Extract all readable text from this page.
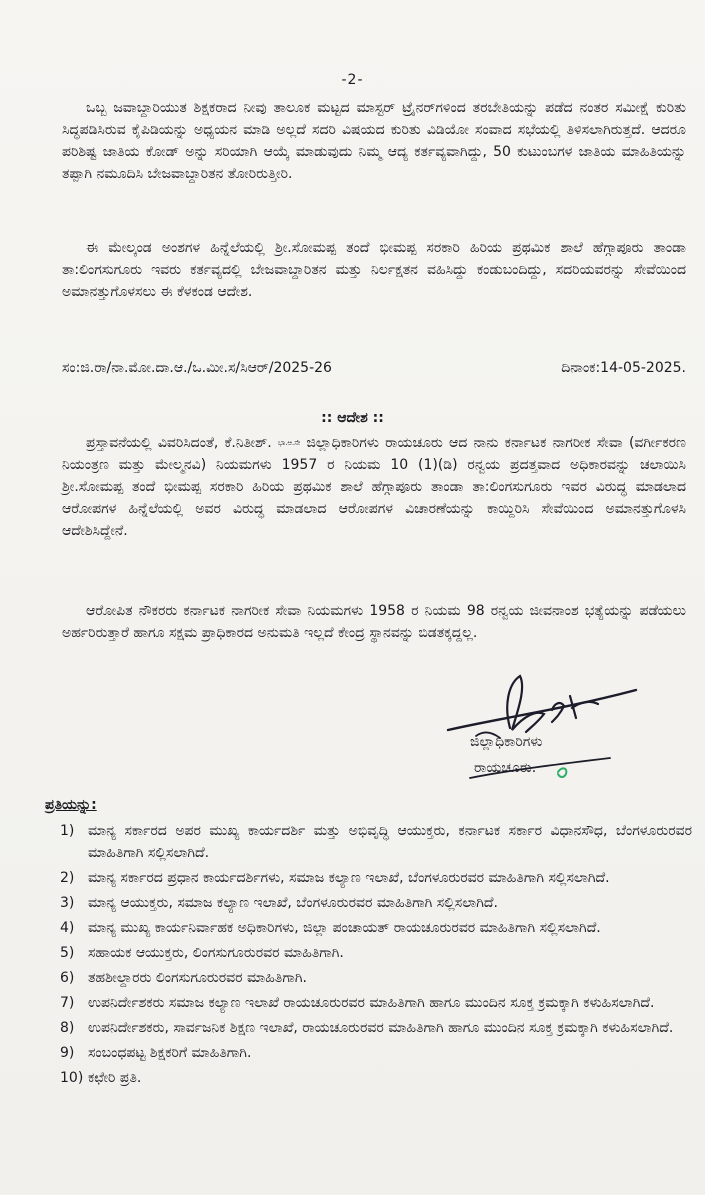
-2-

ಒಬ್ಬ ಜವಾಬ್ದಾರಿಯುತ ಶಿಕ್ಷಕರಾದ ನೀವು ತಾಲೂಕ ಮಟ್ಟದ ಮಾಸ್ಟರ್ ಟ್ರೈನರ್‌ಗಳಿಂದ ತರಬೇತಿಯನ್ನು ಪಡೆದ ನಂತರ ಸಮೀಕ್ಷೆ ಕುರಿತು ಸಿದ್ಧಪಡಿಸಿರುವ ಕೈಪಿಡಿಯನ್ನು ಅಧ್ಯಯನ ಮಾಡಿ ಅಲ್ಲದೆ ಸದರಿ ವಿಷಯದ ಕುರಿತು ವಿಡಿಯೋ ಸಂವಾದ ಸಭೆಯಲ್ಲಿ ತಿಳಿಸಲಾಗಿರುತ್ತದೆ. ಆದರೂ ಪರಿಶಿಷ್ಟ ಜಾತಿಯ ಕೋಡ್ ಅನ್ನು ಸರಿಯಾಗಿ ಆಯ್ಕೆ ಮಾಡುವುದು ನಿಮ್ಮ ಆದ್ಯ ಕರ್ತವ್ಯವಾಗಿದ್ದು, 50 ಕುಟುಂಬಗಳ ಜಾತಿಯ ಮಾಹಿತಿಯನ್ನು ತಪ್ಪಾಗಿ ನಮೂದಿಸಿ ಬೇಜವಾಬ್ದಾರಿತನ ತೋರಿರುತ್ತೀರಿ.

ಈ ಮೇಲ್ಕಂಡ ಅಂಶಗಳ ಹಿನ್ನೆಲೆಯಲ್ಲಿ ಶ್ರೀ.ಸೋಮಪ್ಪ ತಂದೆ ಭೀಮಪ್ಪ ಸರಕಾರಿ ಹಿರಿಯ ಪ್ರಥಮಿಕ ಶಾಲೆ ಹೆಗ್ಗಾಪೂರು ತಾಂಡಾ ತಾ:ಲಿಂಗಸುಗೂರು ಇವರು ಕರ್ತವ್ಯದಲ್ಲಿ ಬೇಜವಾಬ್ದಾರಿತನ ಮತ್ತು ನಿರ್ಲಕ್ಷತನ ವಹಿಸಿದ್ದು ಕಂಡುಬಂದಿದ್ದು, ಸದರಿಯವರನ್ನು ಸೇವೆಯಿಂದ ಅಮಾನತ್ತುಗೊಳಸಲು ಈ ಕೆಳಕಂಡ ಆದೇಶ.

ಸಂ:ಜಿ.ರಾ/ನಾ.ಮೋ.ದಾ.ಆ./ಒ.ಮೀ.ಸ/ಸಿಆರ್/2025-26	ದಿನಾಂಕ:14-05-2025.
:: ಆದೇಶ ::

ಪ್ರಸ್ತಾವನೆಯಲ್ಲಿ ವಿವರಿಸಿದಂತೆ, ಕೆ.ನಿತೀಶ್. ಭಾ.ಆ.ಸೇ ಜಿಲ್ಲಾಧಿಕಾರಿಗಳು ರಾಯಚೂರು ಆದ ನಾನು ಕರ್ನಾಟಕ ನಾಗರೀಕ ಸೇವಾ (ವರ್ಗೀಕರಣ ನಿಯಂತ್ರಣ ಮತ್ತು ಮೇಲ್ಮನವಿ) ನಿಯಮಗಳು 1957 ರ ನಿಯಮ 10 (1)(ಡಿ) ರನ್ವಯ ಪ್ರದತ್ತವಾದ ಅಧಿಕಾರವನ್ನು ಚಲಾಯಿಸಿ ಶ್ರೀ.ಸೋಮಪ್ಪ ತಂದೆ ಭೀಮಪ್ಪ ಸರಕಾರಿ ಹಿರಿಯ ಪ್ರಥಮಿಕ ಶಾಲೆ ಹೆಗ್ಗಾಪೂರು ತಾಂಡಾ ತಾ:ಲಿಂಗಸುಗೂರು ಇವರ ವಿರುದ್ಧ ಮಾಡಲಾದ ಆರೋಪಗಳ ಹಿನ್ನೆಲೆಯಲ್ಲಿ ಅವರ ವಿರುದ್ಧ ಮಾಡಲಾದ ಆರೋಪಗಳ ವಿಚಾರಣೆಯನ್ನು ಕಾಯ್ದಿರಿಸಿ ಸೇವೆಯಿಂದ ಅಮಾನತ್ತುಗೊಳಸಿ ಆದೇಶಿಸಿದ್ದೇನೆ.

ಆರೋಪಿತ ನೌಕರರು ಕರ್ನಾಟಕ ನಾಗರೀಕ ಸೇವಾ ನಿಯಮಗಳು 1958 ರ ನಿಯಮ 98 ರನ್ವಯ ಜೀವನಾಂಶ ಭತ್ಯೆಯನ್ನು ಪಡೆಯಲು ಅರ್ಹರಿರುತ್ತಾರೆ ಹಾಗೂ ಸಕ್ಷಮ ಪ್ರಾಧಿಕಾರದ ಅನುಮತಿ ಇಲ್ಲದೆ ಕೇಂದ್ರ ಸ್ಥಾನವನ್ನು ಬಿಡತಕ್ಕದ್ದಲ್ಲ.

ಜಿಲ್ಲಾಧಿಕಾರಿಗಳು
ರಾಯಚೂರು.
ಪ್ರತಿಯನ್ನು:
1) ಮಾನ್ಯ ಸರ್ಕಾರದ ಅಪರ ಮುಖ್ಯ ಕಾರ್ಯದರ್ಶಿ ಮತ್ತು ಅಭಿವೃದ್ಧಿ ಆಯುಕ್ತರು, ಕರ್ನಾಟಕ ಸರ್ಕಾರ ವಿಧಾನಸೌಧ, ಬೆಂಗಳೂರುರವರ ಮಾಹಿತಿಗಾಗಿ ಸಲ್ಲಿಸಲಾಗಿದೆ.
2) ಮಾನ್ಯ ಸರ್ಕಾರದ ಪ್ರಧಾನ ಕಾರ್ಯದರ್ಶಿಗಳು, ಸಮಾಜ ಕಲ್ಯಾಣ ಇಲಾಖೆ, ಬೆಂಗಳೂರುರವರ ಮಾಹಿತಿಗಾಗಿ ಸಲ್ಲಿಸಲಾಗಿದೆ.
3) ಮಾನ್ಯ ಆಯುಕ್ತರು, ಸಮಾಜ ಕಲ್ಯಾಣ ಇಲಾಖೆ, ಬೆಂಗಳೂರುರವರ ಮಾಹಿತಿಗಾಗಿ ಸಲ್ಲಿಸಲಾಗಿದೆ.
4) ಮಾನ್ಯ ಮುಖ್ಯ ಕಾರ್ಯನಿರ್ವಾಹಕ ಅಧಿಕಾರಿಗಳು, ಜಿಲ್ಲಾ ಪಂಚಾಯತ್ ರಾಯಚೂರುರವರ ಮಾಹಿತಿಗಾಗಿ ಸಲ್ಲಿಸಲಾಗಿದೆ.
5) ಸಹಾಯಕ ಆಯುಕ್ತರು, ಲಿಂಗಸುಗೂರುರವರ ಮಾಹಿತಿಗಾಗಿ.
6) ತಹಶೀಲ್ದಾರರು ಲಿಂಗಸುಗೂರುರವರ ಮಾಹಿತಿಗಾಗಿ.
7) ಉಪನಿರ್ದೇಶಕರು ಸಮಾಜ ಕಲ್ಯಾಣ ಇಲಾಖೆ ರಾಯಚೂರುರವರ ಮಾಹಿತಿಗಾಗಿ ಹಾಗೂ ಮುಂದಿನ ಸೂಕ್ತ ಕ್ರಮಕ್ಕಾಗಿ ಕಳುಹಿಸಲಾಗಿದೆ.
8) ಉಪನಿರ್ದೇಶಕರು, ಸಾರ್ವಜನಿಕ ಶಿಕ್ಷಣ ಇಲಾಖೆ, ರಾಯಚೂರುರವರ ಮಾಹಿತಿಗಾಗಿ ಹಾಗೂ ಮುಂದಿನ ಸೂಕ್ತ ಕ್ರಮಕ್ಕಾಗಿ ಕಳುಹಿಸಲಾಗಿದೆ.
9) ಸಂಬಂಧಪಟ್ಟ ಶಿಕ್ಷಕರಿಗೆ ಮಾಹಿತಿಗಾಗಿ.
10) ಕಛೇರಿ ಪ್ರತಿ.
